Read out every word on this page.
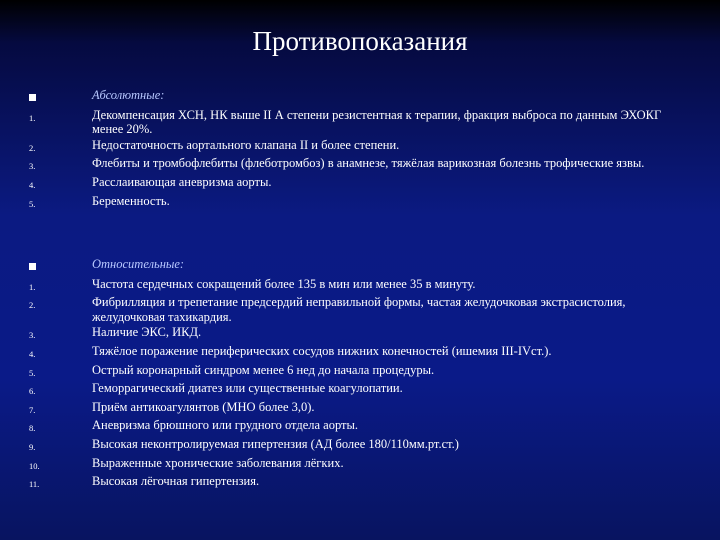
Противопоказания
Абсолютные:
1.	Декомпенсация ХСН, НК выше II А степени резистентная к терапии, фракция выброса по данным ЭХОКГ менее 20%.
2.	Недостаточность аортального клапана II и более степени.
3.	Флебиты и тромбофлебиты (флеботромбоз) в анамнезе, тяжёлая варикозная болезнь трофические язвы.
4.	Расслаивающая аневризма аорты.
5.	Беременность.
Относительные:
1.	Частота сердечных сокращений более 135 в мин или менее 35 в минуту.
2.	Фибрилляция и трепетание предсердий неправильной формы, частая желудочковая экстрасистолия, желудочковая тахикардия.
3.	Наличие ЭКС, ИКД.
4.	Тяжёлое поражение периферических сосудов нижних конечностей (ишемия III-IVст.).
5.	Острый коронарный синдром менее 6 нед до начала процедуры.
6.	Геморрагический диатез или существенные коагулопатии.
7.	Приём антикоагулянтов (МНО более 3,0).
8.	Аневризма брюшного или грудного отдела аорты.
9.	Высокая неконтролируемая гипертензия (АД более 180/110мм.рт.ст.)
10.	Выраженные хронические заболевания лёгких.
11.	Высокая лёгочная гипертензия.
